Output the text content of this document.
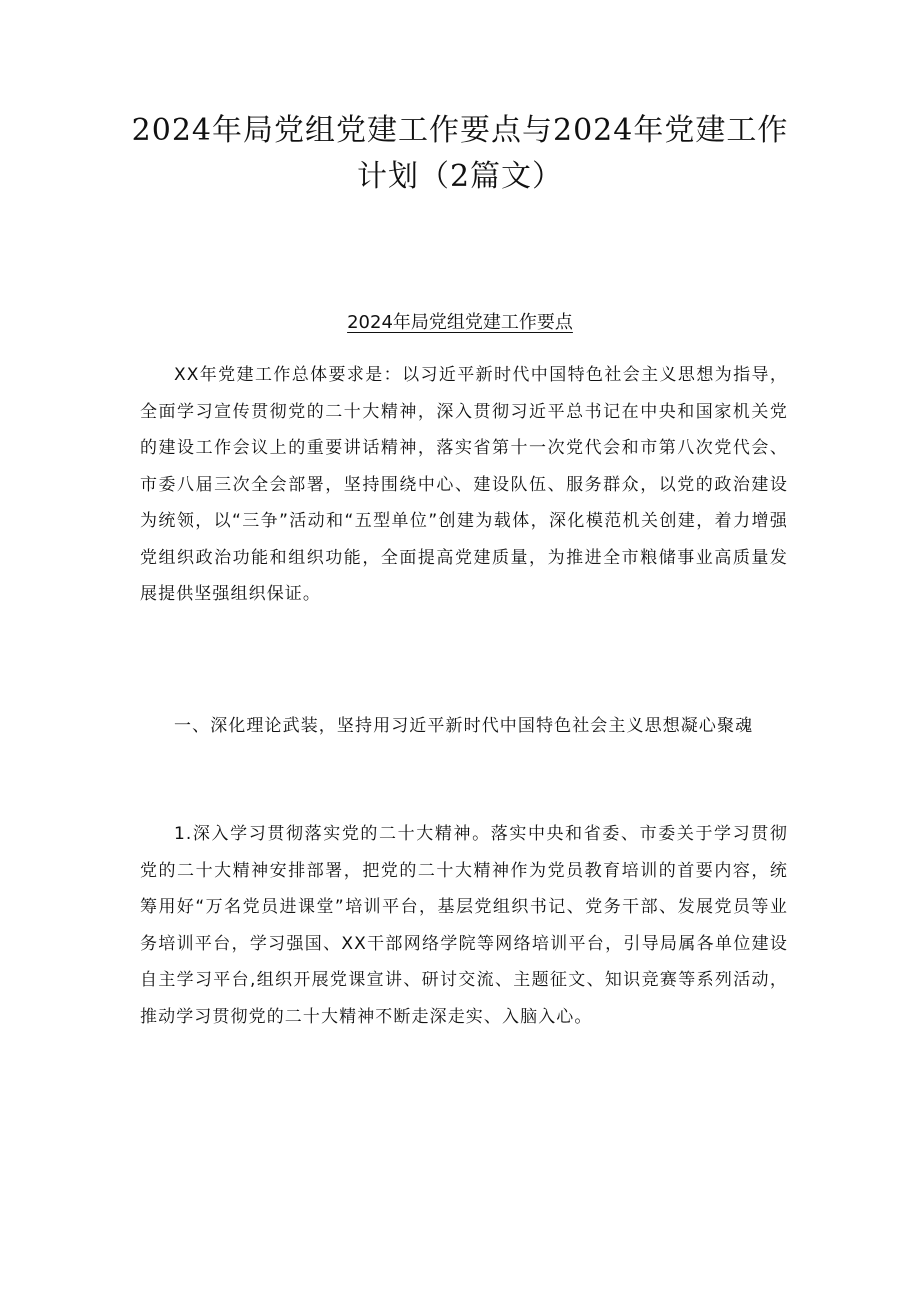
2024年局党组党建工作要点与2024年党建工作计划（2篇文）
2024年局党组党建工作要点

XX年党建工作总体要求是：以习近平新时代中国特色社会主义思想为指导，全面学习宣传贯彻党的二十大精神，深入贯彻习近平总书记在中央和国家机关党的建设工作会议上的重要讲话精神，落实省第十一次党代会和市第八次党代会、市委八届三次全会部署，坚持围绕中心、建设队伍、服务群众，以党的政治建设为统领，以“三争”活动和“五型单位”创建为载体，深化模范机关创建，着力增强党组织政治功能和组织功能，全面提高党建质量，为推进全市粮储事业高质量发展提供坚强组织保证。

一、深化理论武装，坚持用习近平新时代中国特色社会主义思想凝心聚魂

1.深入学习贯彻落实党的二十大精神。落实中央和省委、市委关于学习贯彻党的二十大精神安排部署，把党的二十大精神作为党员教育培训的首要内容，统筹用好“万名党员进课堂”培训平台，基层党组织书记、党务干部、发展党员等业务培训平台，学习强国、XX干部网络学院等网络培训平台，引导局属各单位建设自主学习平台,组织开展党课宣讲、研讨交流、主题征文、知识竞赛等系列活动，推动学习贯彻党的二十大精神不断走深走实、入脑入心。
